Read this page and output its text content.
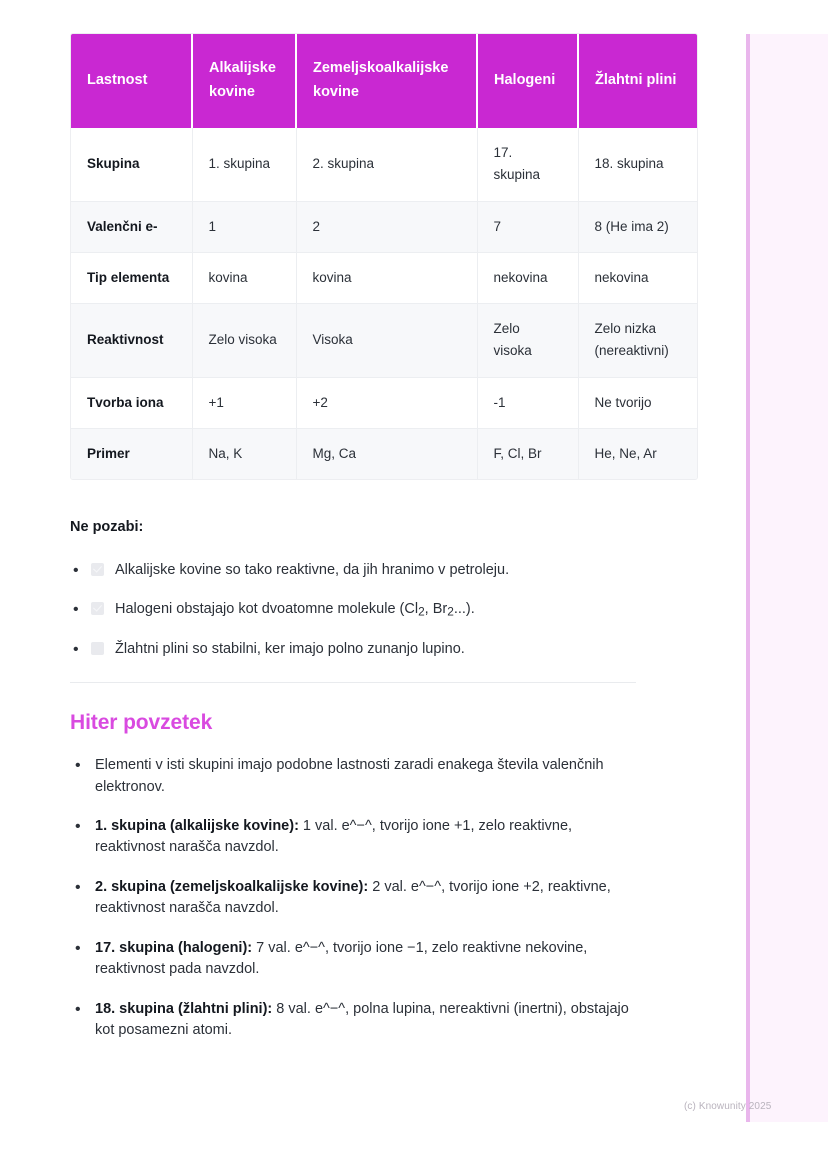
Lastnost	Alkalijske kovine	Zemeljskoalkalijske kovine	Halogeni	Žlahtni plini
Skupina	1. skupina	2. skupina	17. skupina	18. skupina
Valenčni e-	1	2	7	8 (He ima 2)
Tip elementa	kovina	kovina	nekovina	nekovina
Reaktivnost	Zelo visoka	Visoka	Zelo visoka	Zelo nizka (nereaktivni)
Tvorba iona	+1	+2	-1	Ne tvorijo
Primer	Na, K	Mg, Ca	F, Cl, Br	He, Ne, Ar
Ne pozabi:
• Alkalijske kovine so tako reaktivne, da jih hranimo v petroleju.
• Halogeni obstajajo kot dvoatomne molekule ($Cl_2$, $Br_2$...).
• Žlahtni plini so stabilni, ker imajo polno zunanjo lupino.
Hiter povzetek
• Elementi v isti skupini imajo podobne lastnosti zaradi enakega števila valenčnih elektronov.
• 1. skupina (alkalijske kovine): 1 val. e^−^, tvorijo ione +1, zelo reaktivne, reaktivnost narašča navzdol.
• 2. skupina (zemeljskoalkalijske kovine): 2 val. e^−^, tvorijo ione +2, reaktivne, reaktivnost narašča navzdol.
• 17. skupina (halogeni): 7 val. e^−^, tvorijo ione −1, zelo reaktivne nekovine, reaktivnost pada navzdol.
• 18. skupina (žlahtni plini): 8 val. e^−^, polna lupina, nereaktivni (inertni), obstajajo kot posamezni atomi.
(c) Knowunity 2025
